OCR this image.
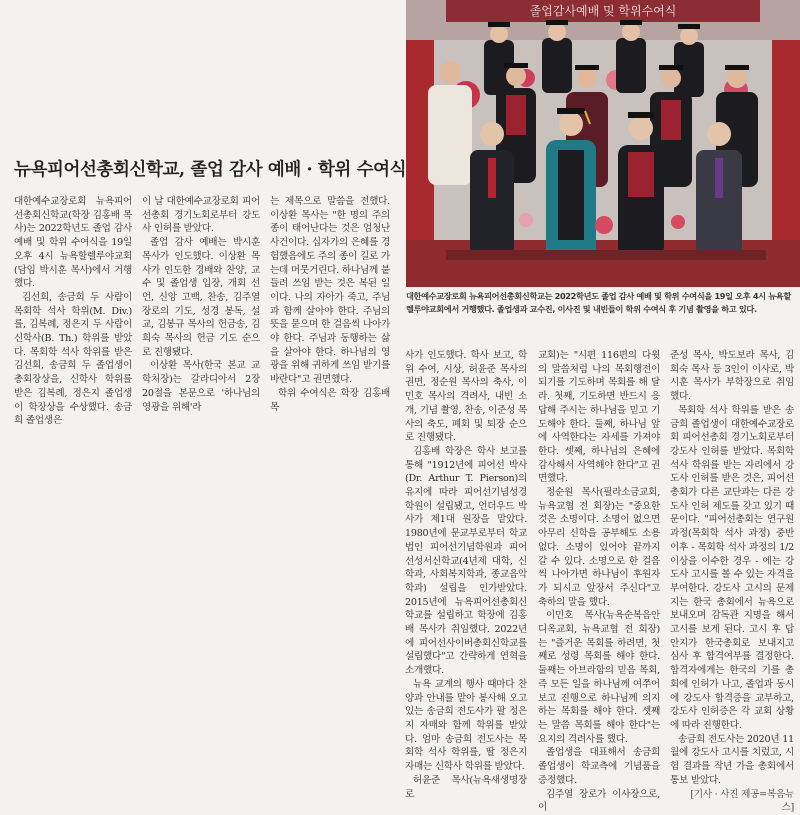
뉴욕피어선총회신학교, 졸업 감사 예배 · 학위 수여식

대한예수교장로회 뉴욕피어선총회신학교(학장 김홍배 목사)는 2022학년도 졸업 감사 예배 및 학위 수여식을 19일 오후 4시 뉴욕할렐루야교회(담임 박시훈 목사)에서 거행했다.

김선희, 송금희 두 사람이 목회학 석사 학위(M. Div.)를, 김복례, 정은지 두 사람이 신학사(B. Th.) 학위를 받았다. 목회학 석사 학위를 받은 김선희, 송금희 두 졸업생이 총회장상을, 신학사 학위를 받은 김복례, 정은지 졸업생이 학장상을 수상했다. 송금희 졸업생은

이 날 대한예수교장로회 피어선총회 경기노회로부터 강도사 인허를 받았다.

졸업 감사 예배는 박시훈 목사가 인도했다. 이상환 목사가 인도한 경배와 찬양, 교수 및 졸업생 입장, 개회 선언, 신앙 고백, 찬송, 김주열 장로의 기도, 성경 봉독, 설교, 김봉규 목사의 헌금송, 김희숙 목사의 헌금 기도 순으로 진행됐다.

이상환 목사(한국 본교 교학처장)는 갈라디아서 2장 20절을 본문으로 '하나님의 영광을 위해'라

는 제목으로 말씀을 전했다. 이상환 목사는 "한 명의 주의 종이 태어난다는 것은 엄청난 사건이다. 십자가의 은혜를 경험했음에도 주의 종이 길로 가는데 머뭇거린다. 하나님께 붙들려 쓰임 받는 것은 복된 일이다. 나의 자아가 죽고, 주님과 함께 살아야 한다. 주님의 뜻을 묻으며 한 걸음씩 나아가야 한다. 주님과 동행하는 삶을 살아야 한다. 하나님의 영광을 위해 귀하게 쓰임 받기를 바란다"고 권면했다.

학위 수여식은 학장 김홍배 목

졸업감사예배 및 학위수여식
대한예수교장로회 뉴욕피어선총회신학교는 2022학년도 졸업 감사 예배 및 학위 수여식을 19일 오후 4시 뉴욕할렐루야교회에서 거행했다. 졸업생과 교수진, 이사진 및 내빈들이 학위 수여식 후 기념 촬영을 하고 있다.

사가 인도했다. 학사 보고, 학위 수여, 시상, 허윤준 목사의 권면, 정순원 목사의 축사, 이민호 목사의 격려사, 내빈 소개, 기념 촬영, 찬송, 이준성 목사의 축도, 폐회 및 퇴장 순으로 진행됐다.

김홍배 학장은 학사 보고를 통해 "1912년에 피어선 박사(Dr. Arthur T. Pierson)의 유지에 따라 피어선기념성경학원이 설립됐고, 언더우드 박사가 제1대 원장을 맡았다. 1980년에 문교부로부터 학교법인 피어선기념학원과 피어선성서신학교(4년제 대학, 신학과, 사회복지학과, 종교음악학과) 설립을 인가받았다. 2015년에 뉴욕피어선총회신학교를 설립하고 학장에 김홍배 목사가 취임했다. 2022년에 피어선사이버총회신학교를 설립했다"고 간략하게 연혁을 소개했다.

뉴욕 교계의 행사 때마다 찬양과 안내를 맡아 봉사해 오고 있는 송금희 전도사가 팔 정은지 자매와 함께 학위를 받았다. 엄마 송금희 전도사는 목회학 석사 학위를, 딸 정은지 자매는 신학사 학위를 받았다.

허윤준 목사(뉴욕새생명장로

교회)는 "시편 116편의 다윗의 말씀처럼 나의 목회행전이 되기를 기도하며 목회를 해 달라. 첫째, 기도하면 반드시 응답해 주시는 하나님을 믿고 기도해야 한다. 둘째, 하나님 앞에 사역한다는 자세를 가져야 한다. 셋째, 하나님의 은혜에 감사해서 사역해야 한다"고 권면했다.

정순원 목사(필라소금교회, 뉴욕교협 전 회장)는 "중요한 것은 소명이다. 소명이 없으면 아무리 신학을 공부해도 소용없다. 소명이 있어야 끝까지 갈 수 있다. 소명으로 한 걸음씩 나아가면 하나님이 후원자가 되시고 앞장서 주신다"고 축하의 말을 했다.

이민호 목사(뉴욕순복음안디옥교회, 뉴욕교협 전 회장)는 "즐거운 목회를 하려면, 첫째로 성령 목회를 해야 한다. 둘째는 아브라함의 믿음 목회, 즉 모든 일을 하나님께 여쭈어 보고 진행으로 하나님께 의지하는 목회를 해야 한다. 셋째는 말씀 목회를 해야 한다"는 요지의 격려사를 했다.

졸업생을 대표해서 송금희 졸업생이 학교측에 기념품을 증정했다.

김주열 장로가 이사장으로, 이

준성 목사, 박도보라 목사, 김희숙 목사 등 3인이 이사로, 박시훈 목사가 부학장으로 취임했다.

목회학 석사 학위를 받은 송금희 졸업생이 대한예수교장로회 피어선총회 경기노회로부터 강도사 인허를 받았다. 목회학 석사 학위를 받는 자리에서 강도사 인허를 받은 것은, 피어선총회가 다른 교단과는 다른 강도사 인허 제도를 갖고 있기 때문이다. "피어선총회는 연구원 과정(목회학 석사 과정) 중반 이후 - 목회학 석사 과정의 1/2 이상을 이수한 경우 - 에는 강도사 고시를 볼 수 있는 자격을 부여한다. 강도사 고시의 문제지는 한국 총회에서 뉴욕으로 보내오며 감독관 지명을 해서 고시를 보게 된다. 고시 후 답안지가 한국총회로 보내지고 심사 후 합격여부를 결정한다. 합격자에게는 한국의 기를 총회에 인허가 나고, 졸업과 동시에 강도사 합격증을 교부하고, 강도사 인허증은 각 교회 상황에 따라 진행한다.

송금희 전도사는 2020년 11월에 강도사 고시를 치렀고, 시험 결과를 작년 가을 총회에서 통보 받았다.

[기사 · 사진 제공=복음뉴스]
